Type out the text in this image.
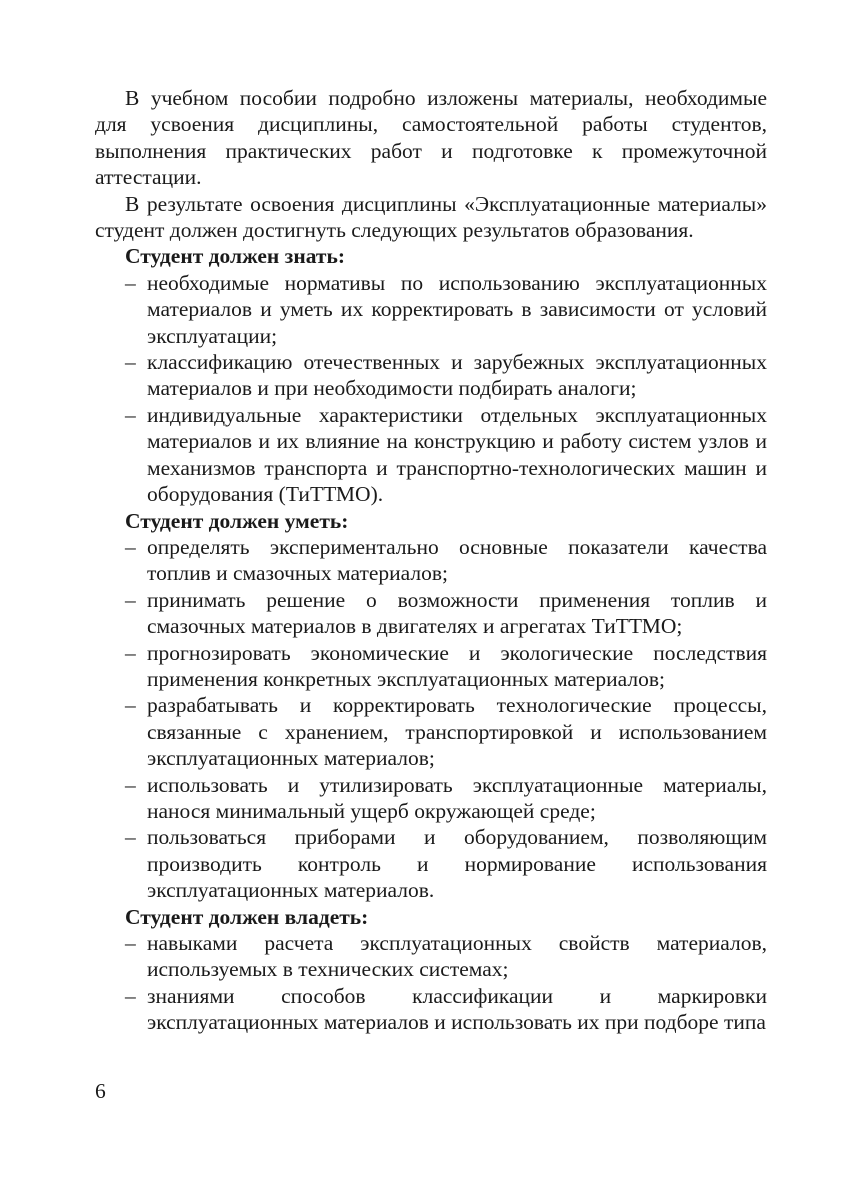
В учебном пособии подробно изложены материалы, необходимые для усвоения дисциплины, самостоятельной работы студентов, выполнения практических работ и подготовке к промежуточной аттестации.

В результате освоения дисциплины «Эксплуатационные материалы» студент должен достигнуть следующих результатов образования.

Студент должен знать:

– необходимые нормативы по использованию эксплуатационных материалов и уметь их корректировать в зависимости от условий эксплуатации;

– классификацию отечественных и зарубежных эксплуатационных материалов и при необходимости подбирать аналоги;

– индивидуальные характеристики отдельных эксплуатационных материалов и их влияние на конструкцию и работу систем узлов и механизмов транспорта и транспортно-технологических машин и оборудования (ТиТТМО).

Студент должен уметь:

– определять экспериментально основные показатели качества топлив и смазочных материалов;

– принимать решение о возможности применения топлив и смазочных материалов в двигателях и агрегатах ТиТТМО;

– прогнозировать экономические и экологические последствия применения конкретных эксплуатационных материалов;

– разрабатывать и корректировать технологические процессы, связанные с хранением, транспортировкой и использованием эксплуатационных материалов;

– использовать и утилизировать эксплуатационные материалы, нанося минимальный ущерб окружающей среде;

– пользоваться приборами и оборудованием, позволяющим производить контроль и нормирование использования эксплуатационных материалов.

Студент должен владеть:

– навыками расчета эксплуатационных свойств материалов, используемых в технических системах;

– знаниями способов классификации и маркировки эксплуатационных материалов и использовать их при подборе типа

6
